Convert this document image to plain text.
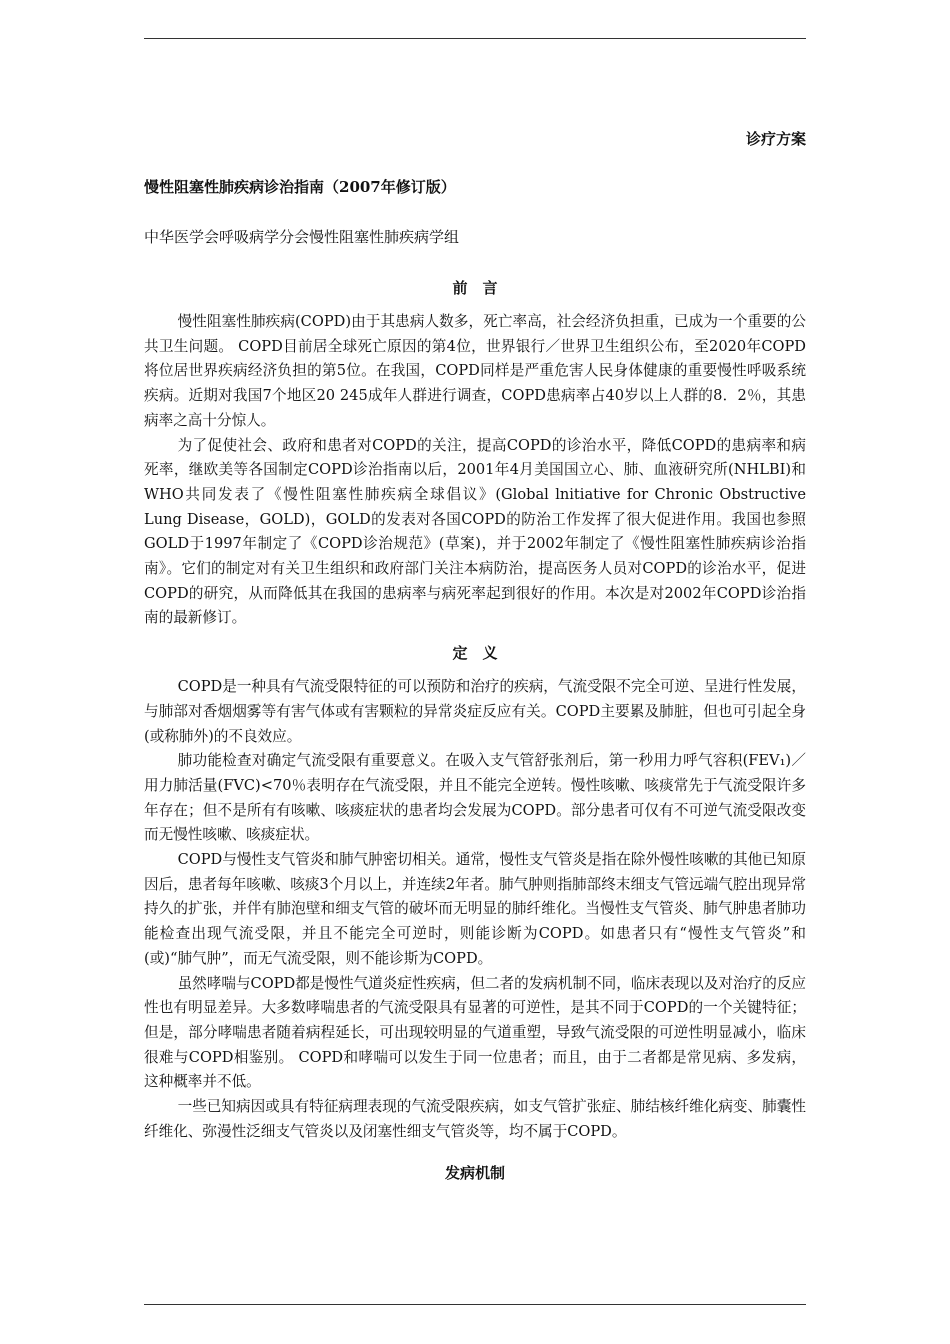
诊疗方案
慢性阻塞性肺疾病诊治指南（2007年修订版）
中华医学会呼吸病学分会慢性阻塞性肺疾病学组
前言

慢性阻塞性肺疾病(COPD)由于其患病人数多，死亡率高，社会经济负担重，已成为一个重要的公共卫生问题。 COPD目前居全球死亡原因的第4位，世界银行／世界卫生组织公布，至2020年COPD将位居世界疾病经济负担的第5位。在我国，COPD同样是严重危害人民身体健康的重要慢性呼吸系统疾病。近期对我国7个地区20 245成年人群进行调查，COPD患病率占40岁以上人群的8．2％，其患病率之高十分惊人。

为了促使社会、政府和患者对COPD的关注，提高COPD的诊治水平，降低COPD的患病率和病死率，继欧美等各国制定COPD诊治指南以后，2001年4月美国国立心、肺、血液研究所(NHLBI)和WHO共同发表了《慢性阻塞性肺疾病全球倡议》(Global lnitiative for Chronic Obstructive Lung Disease，GOLD)，GOLD的发表对各国COPD的防治工作发挥了很大促进作用。我国也参照GOLD于1997年制定了《COPD诊治规范》(草案)，并于2002年制定了《慢性阻塞性肺疾病诊治指南》。它们的制定对有关卫生组织和政府部门关注本病防治，提高医务人员对COPD的诊治水平，促进COPD的研究，从而降低其在我国的患病率与病死率起到很好的作用。本次是对2002年COPD诊治指南的最新修订。

定义

COPD是一种具有气流受限特征的可以预防和治疗的疾病，气流受限不完全可逆、呈进行性发展，与肺部对香烟烟雾等有害气体或有害颗粒的异常炎症反应有关。COPD主要累及肺脏，但也可引起全身(或称肺外)的不良效应。

肺功能检查对确定气流受限有重要意义。在吸入支气管舒张剂后，第一秒用力呼气容积(FEV₁)／用力肺活量(FVC)<70％表明存在气流受限，并且不能完全逆转。慢性咳嗽、咳痰常先于气流受限许多年存在；但不是所有有咳嗽、咳痰症状的患者均会发展为COPD。部分患者可仅有不可逆气流受限改变而无慢性咳嗽、咳痰症状。

COPD与慢性支气管炎和肺气肿密切相关。通常，慢性支气管炎是指在除外慢性咳嗽的其他已知原因后，患者每年咳嗽、咳痰3个月以上，并连续2年者。肺气肿则指肺部终末细支气管远端气腔出现异常持久的扩张，并伴有肺泡壁和细支气管的破坏而无明显的肺纤维化。当慢性支气管炎、肺气肿患者肺功能检查出现气流受限，并且不能完全可逆时，则能诊断为COPD。如患者只有“慢性支气管炎”和(或)“肺气肿”，而无气流受限，则不能诊斯为COPD。

虽然哮喘与COPD都是慢性气道炎症性疾病，但二者的发病机制不同，临床表现以及对治疗的反应性也有明显差异。大多数哮喘患者的气流受限具有显著的可逆性，是其不同于COPD的一个关键特征；但是，部分哮喘患者随着病程延长，可出现较明显的气道重塑，导致气流受限的可逆性明显减小，临床很难与COPD相鉴别。 COPD和哮喘可以发生于同一位患者；而且，由于二者都是常见病、多发病，这种概率并不低。

一些已知病因或具有特征病理表现的气流受限疾病，如支气管扩张症、肺结核纤维化病变、肺囊性纤维化、弥漫性泛细支气管炎以及闭塞性细支气管炎等，均不属于COPD。

发病机制
